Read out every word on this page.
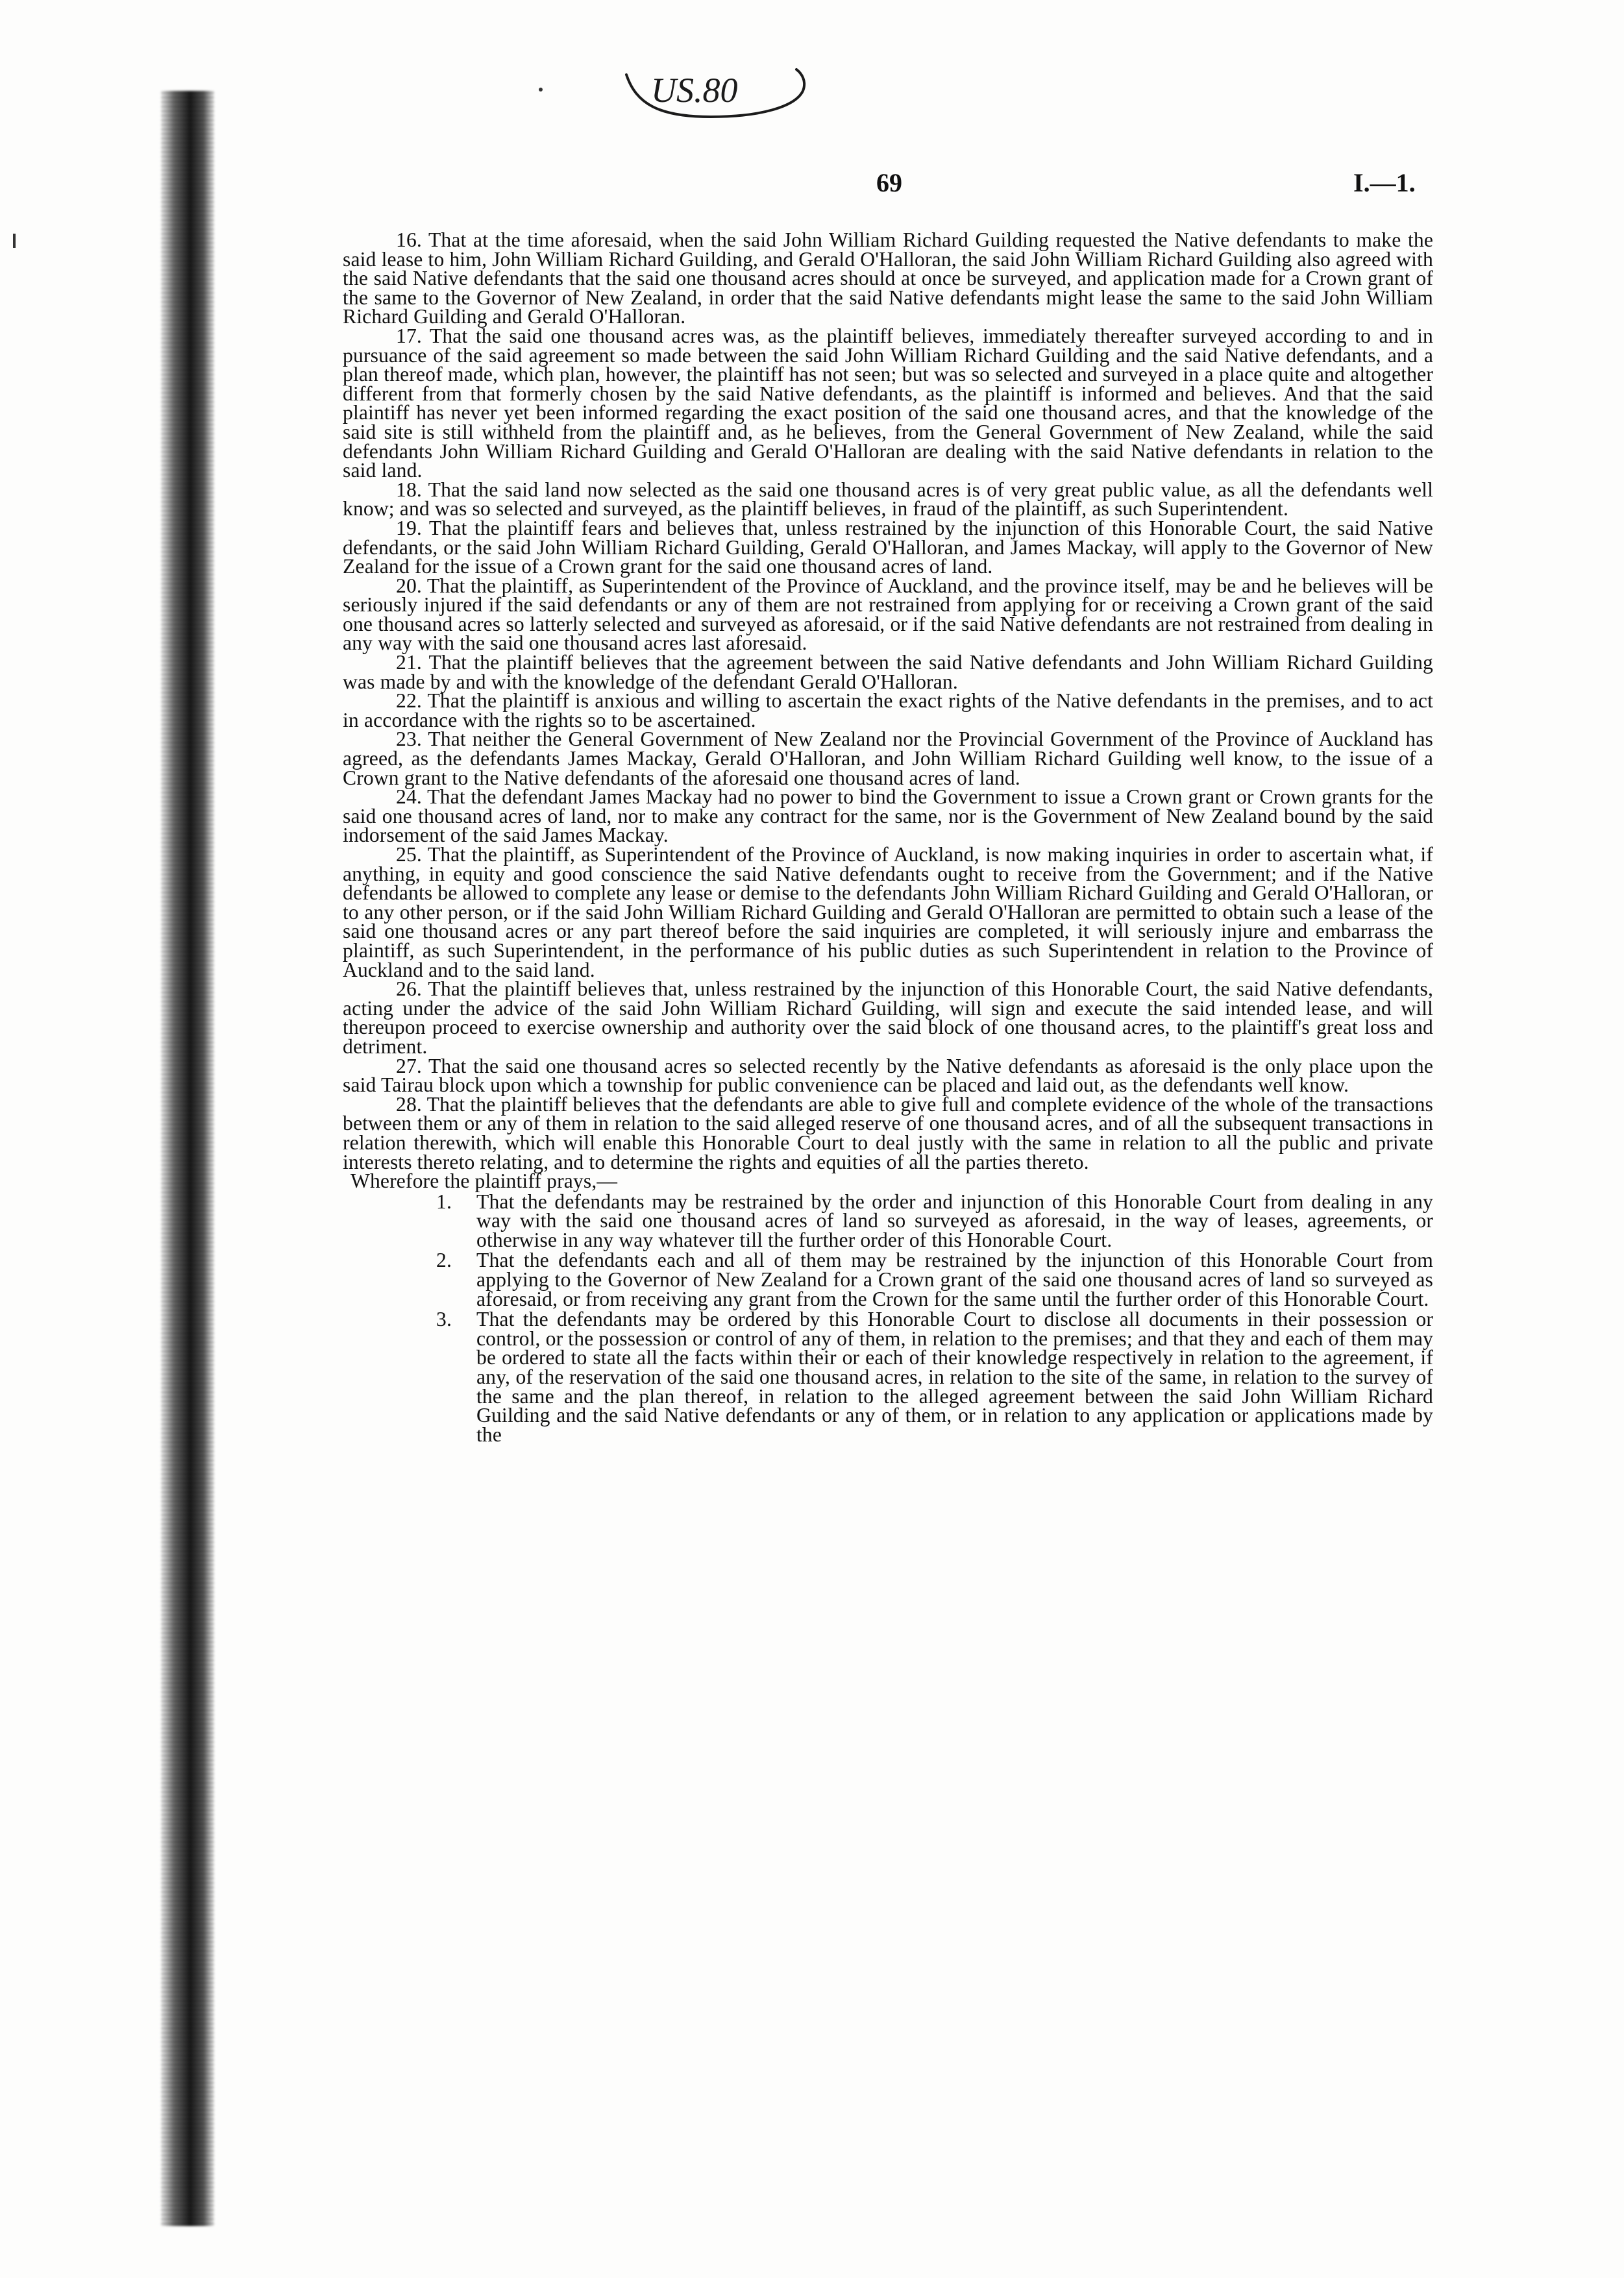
US.80
69	I.—1.

16. That at the time aforesaid, when the said John William Richard Guilding requested the Native defendants to make the said lease to him, John William Richard Guilding, and Gerald O'Halloran, the said John William Richard Guilding also agreed with the said Native defendants that the said one thousand acres should at once be surveyed, and application made for a Crown grant of the same to the Governor of New Zealand, in order that the said Native defendants might lease the same to the said John William Richard Guilding and Gerald O'Halloran.

17. That the said one thousand acres was, as the plaintiff believes, immediately thereafter surveyed according to and in pursuance of the said agreement so made between the said John William Richard Guilding and the said Native defendants, and a plan thereof made, which plan, however, the plaintiff has not seen; but was so selected and surveyed in a place quite and altogether different from that formerly chosen by the said Native defendants, as the plaintiff is informed and believes. And that the said plaintiff has never yet been informed regarding the exact position of the said one thousand acres, and that the knowledge of the said site is still withheld from the plaintiff and, as he believes, from the General Government of New Zealand, while the said defendants John William Richard Guilding and Gerald O'Halloran are dealing with the said Native defendants in relation to the said land.

18. That the said land now selected as the said one thousand acres is of very great public value, as all the defendants well know; and was so selected and surveyed, as the plaintiff believes, in fraud of the plaintiff, as such Superintendent.

19. That the plaintiff fears and believes that, unless restrained by the injunction of this Honorable Court, the said Native defendants, or the said John William Richard Guilding, Gerald O'Halloran, and James Mackay, will apply to the Governor of New Zealand for the issue of a Crown grant for the said one thousand acres of land.

20. That the plaintiff, as Superintendent of the Province of Auckland, and the province itself, may be and he believes will be seriously injured if the said defendants or any of them are not restrained from applying for or receiving a Crown grant of the said one thousand acres so latterly selected and surveyed as aforesaid, or if the said Native defendants are not restrained from dealing in any way with the said one thousand acres last aforesaid.

21. That the plaintiff believes that the agreement between the said Native defendants and John William Richard Guilding was made by and with the knowledge of the defendant Gerald O'Halloran.

22. That the plaintiff is anxious and willing to ascertain the exact rights of the Native defendants in the premises, and to act in accordance with the rights so to be ascertained.

23. That neither the General Government of New Zealand nor the Provincial Government of the Province of Auckland has agreed, as the defendants James Mackay, Gerald O'Halloran, and John William Richard Guilding well know, to the issue of a Crown grant to the Native defendants of the aforesaid one thousand acres of land.

24. That the defendant James Mackay had no power to bind the Government to issue a Crown grant or Crown grants for the said one thousand acres of land, nor to make any contract for the same, nor is the Government of New Zealand bound by the said indorsement of the said James Mackay.

25. That the plaintiff, as Superintendent of the Province of Auckland, is now making inquiries in order to ascertain what, if anything, in equity and good conscience the said Native defendants ought to receive from the Government; and if the Native defendants be allowed to complete any lease or demise to the defendants John William Richard Guilding and Gerald O'Halloran, or to any other person, or if the said John William Richard Guilding and Gerald O'Halloran are permitted to obtain such a lease of the said one thousand acres or any part thereof before the said inquiries are completed, it will seriously injure and embarrass the plaintiff, as such Superintendent, in the performance of his public duties as such Superintendent in relation to the Province of Auckland and to the said land.

26. That the plaintiff believes that, unless restrained by the injunction of this Honorable Court, the said Native defendants, acting under the advice of the said John William Richard Guilding, will sign and execute the said intended lease, and will thereupon proceed to exercise ownership and authority over the said block of one thousand acres, to the plaintiff's great loss and detriment.

27. That the said one thousand acres so selected recently by the Native defendants as aforesaid is the only place upon the said Tairau block upon which a township for public convenience can be placed and laid out, as the defendants well know.

28. That the plaintiff believes that the defendants are able to give full and complete evidence of the whole of the transactions between them or any of them in relation to the said alleged reserve of one thousand acres, and of all the subsequent transactions in relation therewith, which will enable this Honorable Court to deal justly with the same in relation to all the public and private interests thereto relating, and to determine the rights and equities of all the parties thereto.

Wherefore the plaintiff prays,—

1. That the defendants may be restrained by the order and injunction of this Honorable Court from dealing in any way with the said one thousand acres of land so surveyed as aforesaid, in the way of leases, agreements, or otherwise in any way whatever till the further order of this Honorable Court.
2. That the defendants each and all of them may be restrained by the injunction of this Honorable Court from applying to the Governor of New Zealand for a Crown grant of the said one thousand acres of land so surveyed as aforesaid, or from receiving any grant from the Crown for the same until the further order of this Honorable Court.
3. That the defendants may be ordered by this Honorable Court to disclose all documents in their possession or control, or the possession or control of any of them, in relation to the premises; and that they and each of them may be ordered to state all the facts within their or each of their knowledge respectively in relation to the agreement, if any, of the reservation of the said one thousand acres, in relation to the site of the same, in relation to the survey of the same and the plan thereof, in relation to the alleged agreement between the said John William Richard Guilding and the said Native defendants or any of them, or in relation to any application or applications made by the
